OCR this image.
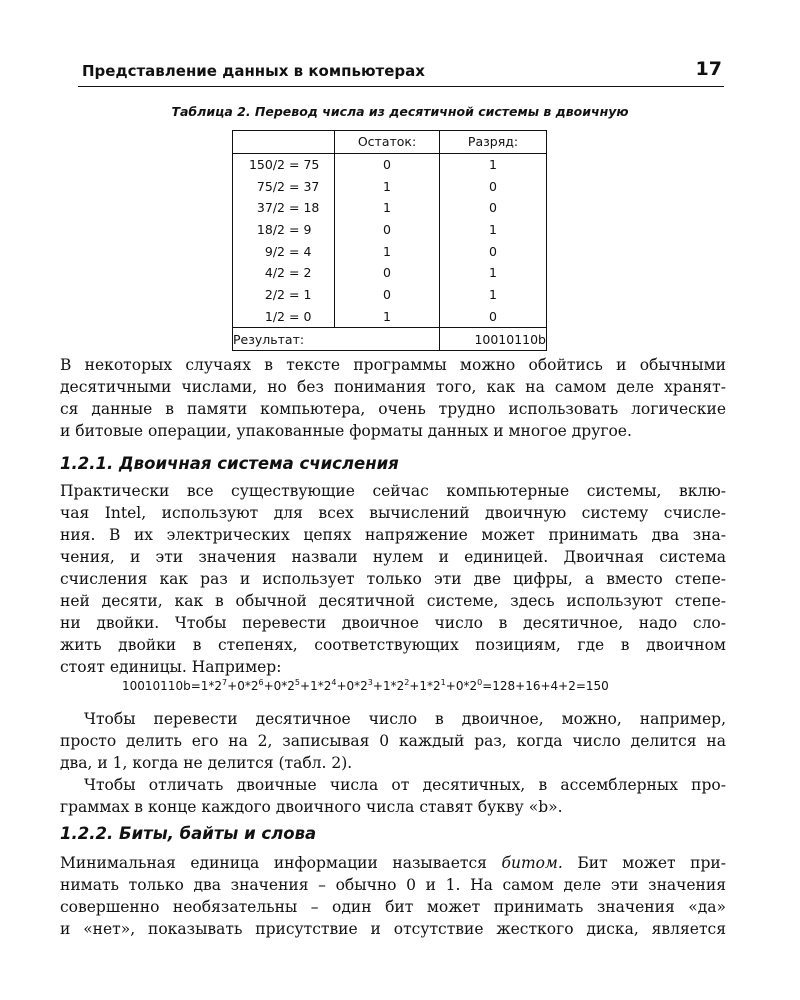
Представление данных в компьютерах	17
Таблица 2. Перевод числа из десятичной системы в двоичную
	Остаток:	Разряд:
150/2 = 75	0	1
75/2 = 37	1	0
37/2 = 18	1	0
18/2 = 9	0	1
9/2 = 4	1	0
4/2 = 2	0	1
2/2 = 1	0	1
1/2 = 0	1	0
Результат:		10010110b
В некоторых случаях в тексте программы можно обойтись и обычными
десятичными числами, но без понимания того, как на самом деле хранят-
ся данные в памяти компьютера, очень трудно использовать логические
и битовые операции, упакованные форматы данных и многое другое.
1.2.1. Двоичная система счисления
Практически все существующие сейчас компьютерные системы, вклю-
чая Intel, используют для всех вычислений двоичную систему счисле-
ния. В их электрических цепях напряжение может принимать два зна-
чения, и эти значения назвали нулем и единицей. Двоичная система
счисления как раз и использует только эти две цифры, а вместо степе-
ней десяти, как в обычной десятичной системе, здесь используют степе-
ни двойки. Чтобы перевести двоичное число в десятичное, надо сло-
жить двойки в степенях, соответствующих позициям, где в двоичном
стоят единицы. Например:
$10010110b=1*2^7+0*2^6+0*2^5+1*2^4+0*2^3+1*2^2+1*2^1+0*2^0=128+16+4+2=150$
Чтобы перевести десятичное число в двоичное, можно, например,
просто делить его на 2, записывая 0 каждый раз, когда число делится на
два, и 1, когда не делится (табл. 2).
Чтобы отличать двоичные числа от десятичных, в ассемблерных про-
граммах в конце каждого двоичного числа ставят букву «b».
1.2.2. Биты, байты и слова
Минимальная единица информации называется битом. Бит может при-
нимать только два значения – обычно 0 и 1. На самом деле эти значения
совершенно необязательны – один бит может принимать значения «да»
и «нет», показывать присутствие и отсутствие жесткого диска, является
